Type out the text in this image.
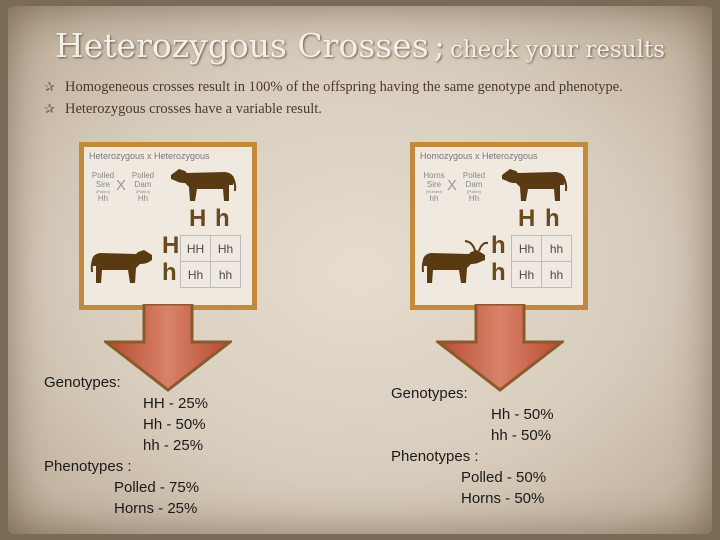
Heterozygous Crosses ; check your results
✰ Homogeneous crosses result in 100% of the offspring having the same genotype and phenotype.
✰ Heterozygous crosses have a variable result.
Heterozygous x Heterozygous
Polled
Sire
(Polled)
Hh
X
Polled
Dam
(Polled)
Hh
H h
H
h
HH	Hh
Hh	hh
Homozygous x Heterozygous
Horns
Sire
(Horned)
hh
X
Polled
Dam
(Polled)
Hh
H h
h
h
Hh	hh
Hh	hh
Genotypes:
HH - 25%
Hh - 50%
hh - 25%
Phenotypes :
Polled - 75%
Horns - 25%
Genotypes:
Hh - 50%
hh - 50%
Phenotypes :
Polled - 50%
Horns - 50%
